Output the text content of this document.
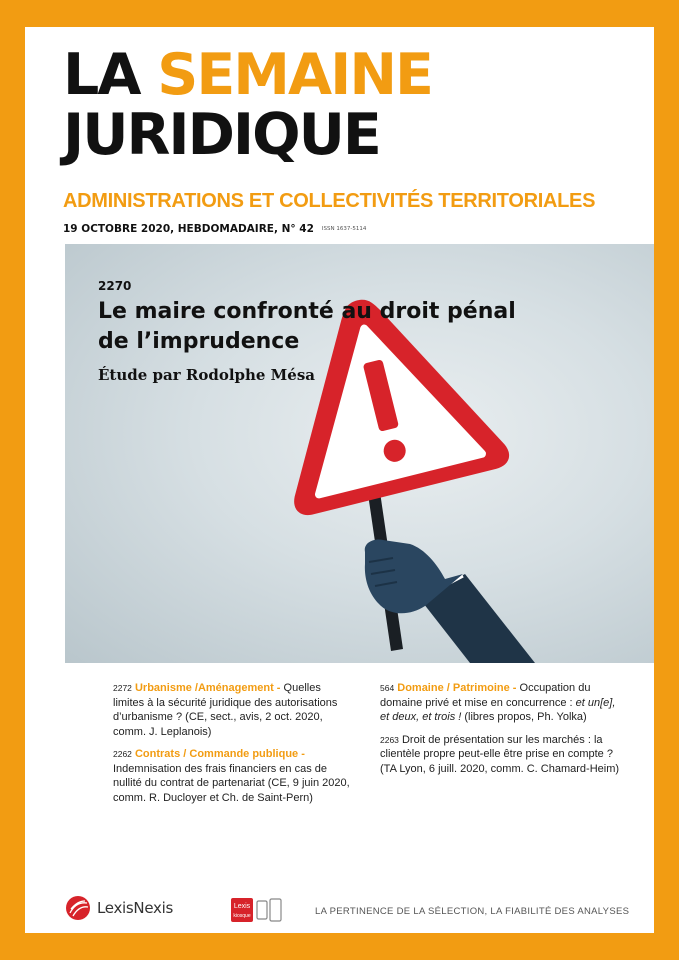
LA SEMAINE
JURIDIQUE
ADMINISTRATIONS ET COLLECTIVITÉS TERRITORIALES
19 OCTOBRE 2020, HEBDOMADAIRE, N° 42 ISSN 1637-5114
2270
Le maire confronté au droit pénal
de l’imprudence
Étude par Rodolphe Mésa
2272 Urbanisme /Aménagement - Quelles limites à la sécurité juridique des autorisations d’urbanisme ? (CE, sect., avis, 2 oct. 2020, comm. J. Leplanois)
2262 Contrats / Commande publique - Indemnisation des frais financiers en cas de nullité du contrat de partenariat (CE, 9 juin 2020, comm. R. Ducloyer et Ch. de Saint-Pern)
564 Domaine / Patrimoine - Occupation du domaine privé et mise en concurrence : et un[e], et deux, et trois ! (libres propos, Ph. Yolka)
2263 Droit de présentation sur les marchés : la clientèle propre peut-elle être prise en compte ? (TA Lyon, 6 juill. 2020, comm. C. Chamard-Heim)
LexisNexis	Lexis
kiosque	LA PERTINENCE DE LA SÉLECTION, LA FIABILITÉ DES ANALYSES
